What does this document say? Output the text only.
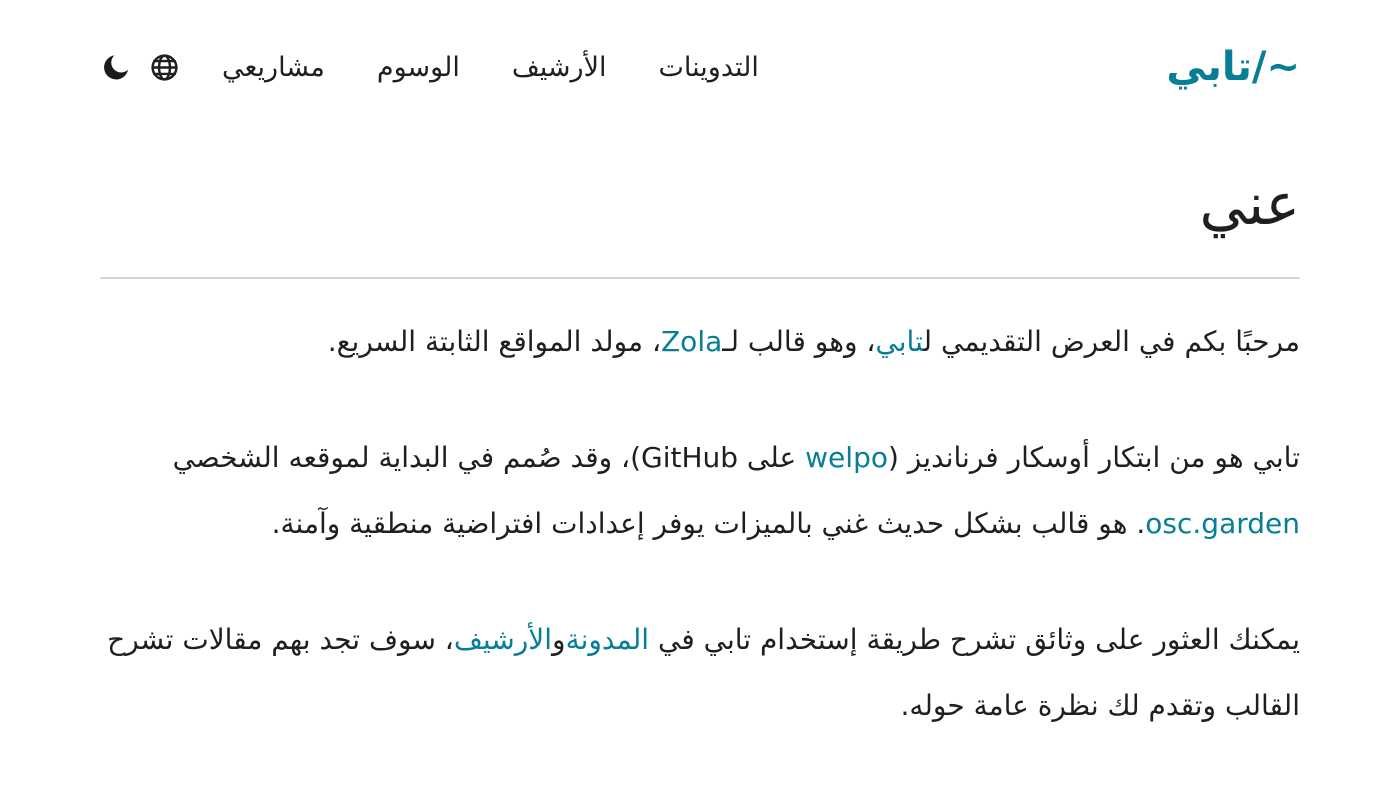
~/تابي
التدوينات
الأرشيف
الوسوم
مشاريعي
عني

مرحبًا بكم في العرض التقديمي لتابي، وهو قالب لـZola، مولد المواقع الثابتة السريع.

تابي هو من ابتكار أوسكار فرنانديز (welpo على GitHub)، وقد صُمم في البداية لموقعه الشخصي osc.garden. هو قالب بشكل حديث غني بالميزات يوفر إعدادات افتراضية منطقية وآمنة.

يمكنك العثور على وثائق تشرح طريقة إستخدام تابي في المدونةوالأرشيف، سوف تجد بهم مقالات تشرح القالب وتقدم لك نظرة عامة حوله.
